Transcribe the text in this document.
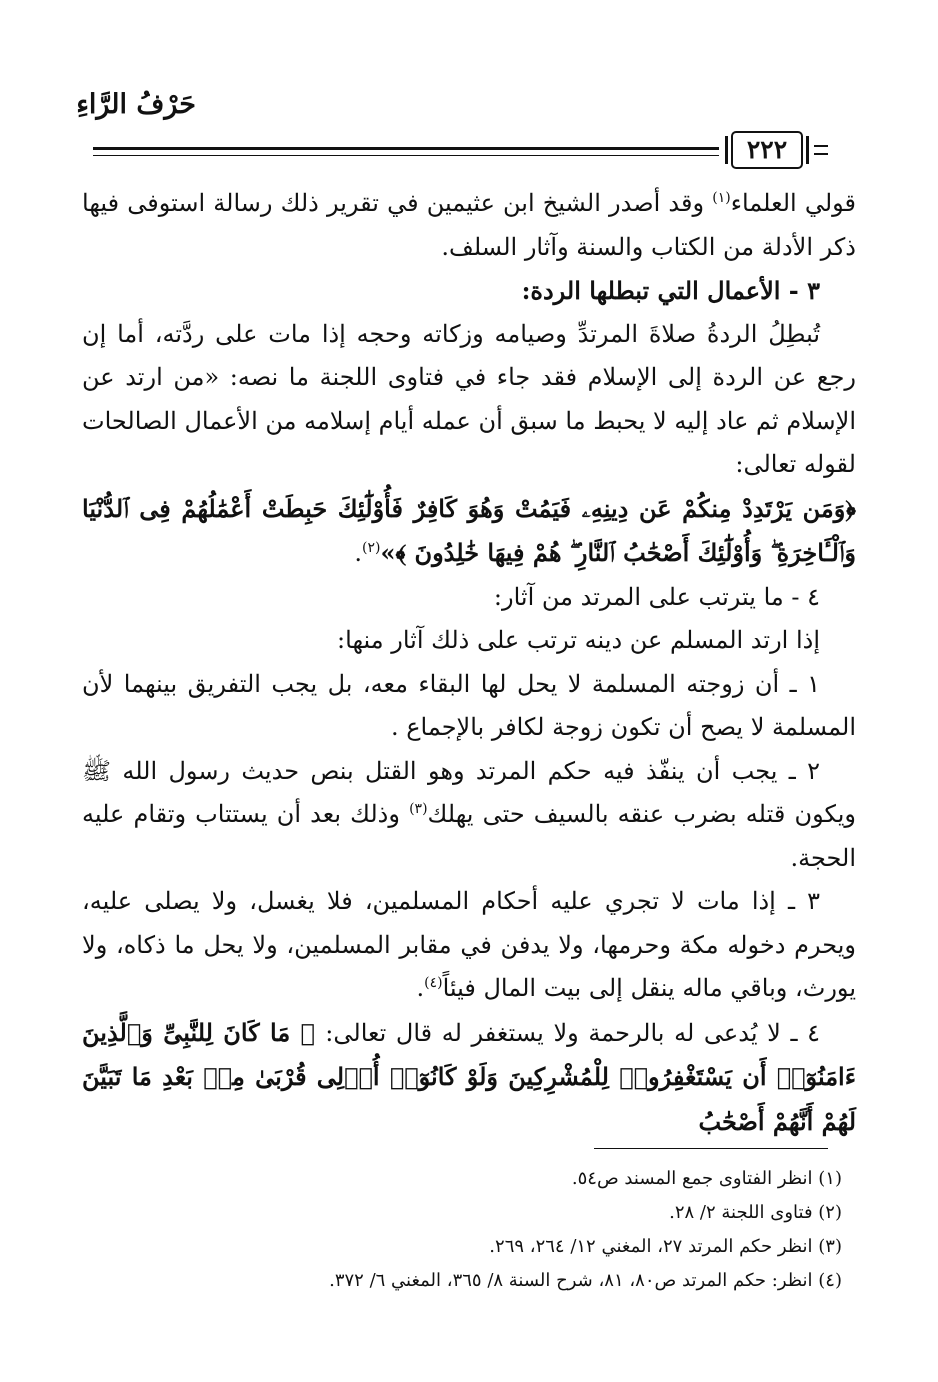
حَرْفُ الرَّاءِ
٢٢٢

قولي العلماء$^{(١)}$ وقد أصدر الشيخ ابن عثيمين في تقرير ذلك رسالة استوفى فيها ذكر الأدلة من الكتاب والسنة وآثار السلف.

٣ - الأعمال التي تبطلها الردة:

تُبطِلُ الردةُ صلاةَ المرتدِّ وصيامه وزكاته وحجه إذا مات على ردَّته، أما إن رجع عن الردة إلى الإسلام فقد جاء في فتاوى اللجنة ما نصه: «من ارتد عن الإسلام ثم عاد إليه لا يحبط ما سبق أن عمله أيام إسلامه من الأعمال الصالحات لقوله تعالى:

﴿وَمَن يَرْتَدِدْ مِنكُمْ عَن دِينِهِۦ فَيَمُتْ وَهُوَ كَافِرٌ فَأُوْلَٰٓئِكَ حَبِطَتْ أَعْمَٰلُهُمْ فِى ٱلدُّنْيَا وَٱلْـَٔاخِرَةِ ۖ وَأُوْلَٰٓئِكَ أَصْحَٰبُ ٱلنَّارِ ۖ هُمْ فِيهَا خَٰلِدُونَ ﴾»$^{(٢)}$.

٤ - ما يترتب على المرتد من آثار:

إذا ارتد المسلم عن دينه ترتب على ذلك آثار منها:

١ ـ أن زوجته المسلمة لا يحل لها البقاء معه، بل يجب التفريق بينهما لأن المسلمة لا يصح أن تكون زوجة لكافر بالإجماع .

٢ ـ يجب أن ينفّذ فيه حكم المرتد وهو القتل بنص حديث رسول الله ﷺ ويكون قتله بضرب عنقه بالسيف حتى يهلك$^{(٣)}$ وذلك بعد أن يستتاب وتقام عليه الحجة.

٣ ـ إذا مات لا تجري عليه أحكام المسلمين، فلا يغسل، ولا يصلى عليه، ويحرم دخوله مكة وحرمها، ولا يدفن في مقابر المسلمين، ولا يحل ما ذكاه، ولا يورث، وباقي ماله ينقل إلى بيت المال فيئاً$^{(٤)}$.

٤ ـ لا يُدعى له بالرحمة ولا يستغفر له قال تعالى: ﴿ مَا كَانَ لِلنَّبِىِّ وَٱلَّذِينَ ءَامَنُوٓا۟ أَن يَسْتَغْفِرُوا۟ لِلْمُشْرِكِينَ وَلَوْ كَانُوٓا۟ أُو۟لِى قُرْبَىٰ مِنۢ بَعْدِ مَا تَبَيَّنَ لَهُمْ أَنَّهُمْ أَصْحَٰبُ

(١) انظر الفتاوى جمع المسند ص٥٤.

(٢) فتاوى اللجنة ٢/ ٢٨.

(٣) انظر حكم المرتد ٢٧، المغني ١٢/ ٢٦٤، ٢٦٩.

(٤) انظر: حكم المرتد ص٨٠، ٨١، شرح السنة ٨/ ٣٦٥، المغني ٦/ ٣٧٢.
